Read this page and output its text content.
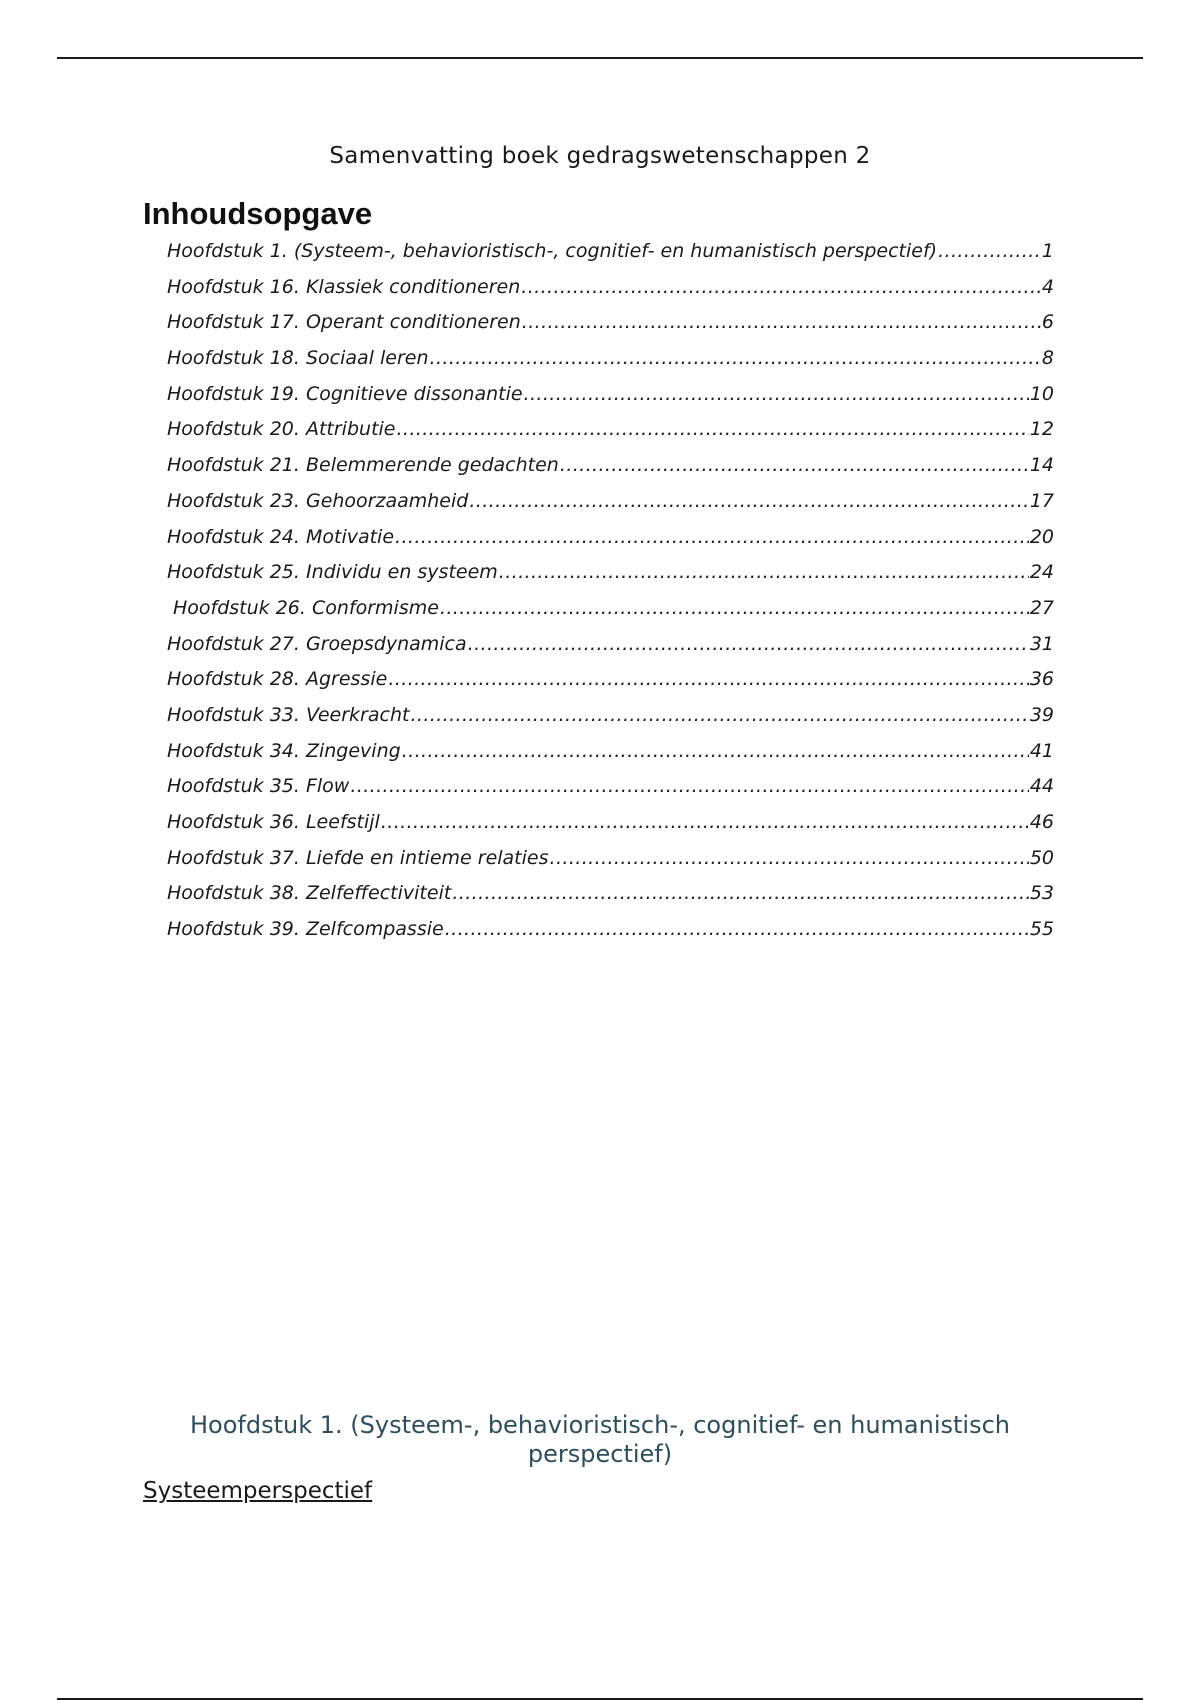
Samenvatting boek gedragswetenschappen 2
Inhoudsopgave
Hoofdstuk 1. (Systeem-, behavioristisch-, cognitief- en humanistisch perspectief) .....	1
Hoofdstuk 16. Klassiek conditioneren .....	4
Hoofdstuk 17. Operant conditioneren .....	6
Hoofdstuk 18. Sociaal leren .....	8
Hoofdstuk 19. Cognitieve dissonantie .....	10
Hoofdstuk 20. Attributie .....	12
Hoofdstuk 21. Belemmerende gedachten .....	14
Hoofdstuk 23. Gehoorzaamheid .....	17
Hoofdstuk 24. Motivatie .....	20
Hoofdstuk 25. Individu en systeem .....	24
Hoofdstuk 26. Conformisme .....	27
Hoofdstuk 27. Groepsdynamica .....	31
Hoofdstuk 28. Agressie .....	36
Hoofdstuk 33. Veerkracht .....	39
Hoofdstuk 34. Zingeving .....	41
Hoofdstuk 35. Flow .....	44
Hoofdstuk 36. Leefstijl .....	46
Hoofdstuk 37. Liefde en intieme relaties .....	50
Hoofdstuk 38. Zelfeffectiviteit .....	53
Hoofdstuk 39. Zelfcompassie .....	55
Hoofdstuk 1. (Systeem-, behavioristisch-, cognitief- en humanistisch
perspectief)
Systeemperspectief
